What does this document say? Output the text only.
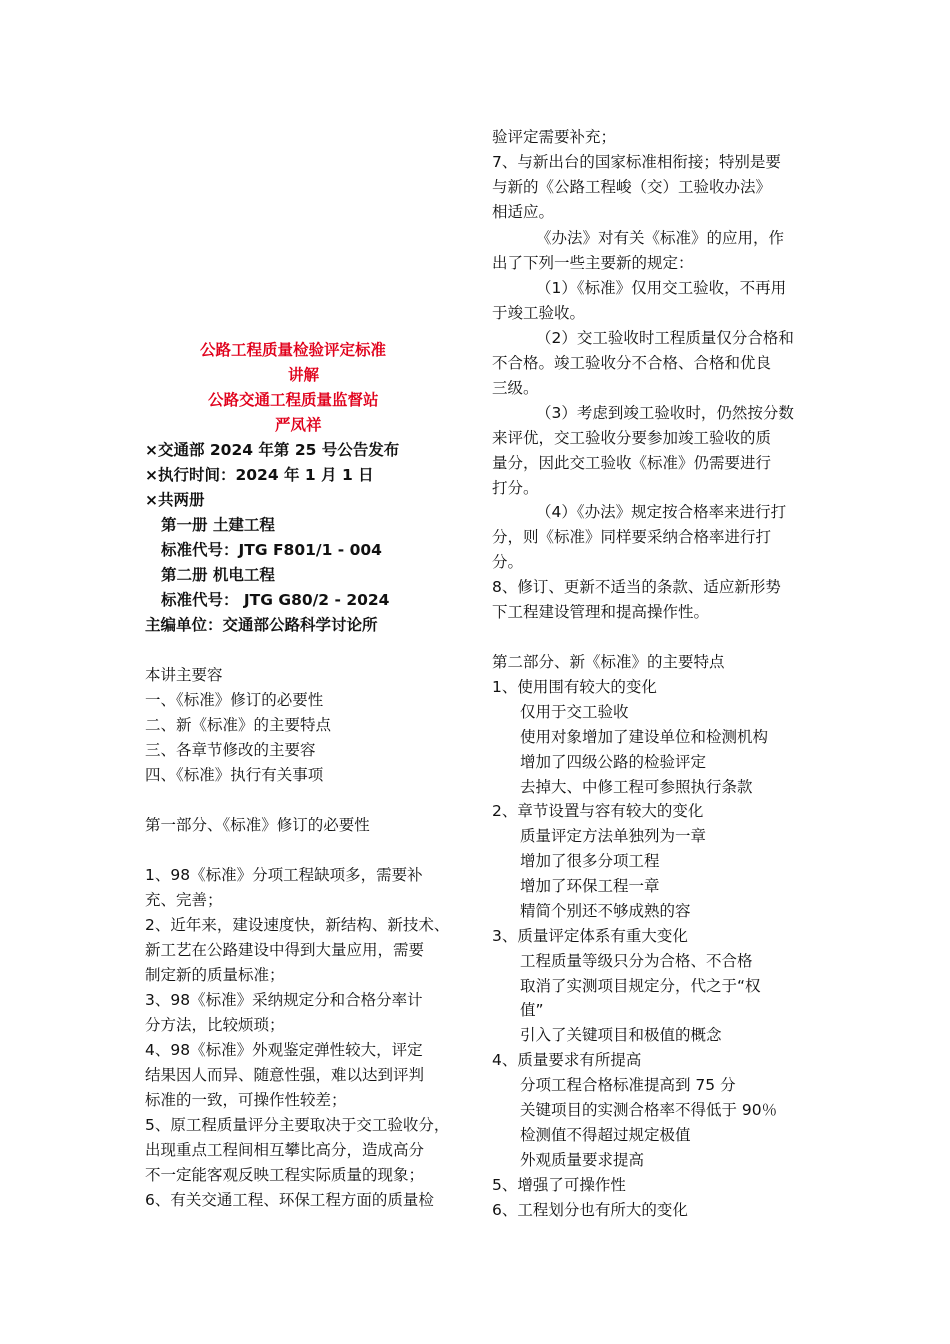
公路工程质量检验评定标准
讲解
公路交通工程质量监督站
严凤祥
×交通部 2024 年第 25 号公告发布
×执行时间：2024 年 1 月 1 日
×共两册
第一册 土建工程
标准代号：JTG F801/1 - 004
第二册 机电工程
标准代号： JTG G80/2 - 2024
主编单位：交通部公路科学讨论所
本讲主要容
一、《标准》修订的必要性
二、新《标准》的主要特点
三、各章节修改的主要容
四、《标准》执行有关事项
第一部分、《标准》修订的必要性
1、98《标准》分项工程缺项多，需要补
充、完善；
2、近年来，建设速度快，新结构、新技术、
新工艺在公路建设中得到大量应用，需要
制定新的质量标准；
3、98《标准》采纳规定分和合格分率计
分方法，比较烦琐；
4、98《标准》外观鉴定弹性较大，评定
结果因人而异、随意性强，难以达到评判
标准的一致，可操作性较差；
5、原工程质量评分主要取决于交工验收分，
出现重点工程间相互攀比高分，造成高分
不一定能客观反映工程实际质量的现象；
6、有关交通工程、环保工程方面的质量检
验评定需要补充；
7、与新出台的国家标准相衔接；特别是要
与新的《公路工程峻（交）工验收办法》
相适应。
《办法》对有关《标准》的应用，作
出了下列一些主要新的规定：
（1）《标准》仅用交工验收，不再用
于竣工验收。
（2）交工验收时工程质量仅分合格和
不合格。竣工验收分不合格、合格和优良
三级。
（3）考虑到竣工验收时，仍然按分数
来评优，交工验收分要参加竣工验收的质
量分，因此交工验收《标准》仍需要进行
打分。
（4）《办法》规定按合格率来进行打
分，则《标准》同样要采纳合格率进行打
分。
8、修订、更新不适当的条款、适应新形势
下工程建设管理和提高操作性。
第二部分、新《标准》的主要特点
1、使用围有较大的变化
仅用于交工验收
使用对象增加了建设单位和检测机构
增加了四级公路的检验评定
去掉大、中修工程可参照执行条款
2、章节设置与容有较大的变化
质量评定方法单独列为一章
增加了很多分项工程
增加了环保工程一章
精简个别还不够成熟的容
3、质量评定体系有重大变化
工程质量等级只分为合格、不合格
取消了实测项目规定分，代之于“权
值”
引入了关键项目和极值的概念
4、质量要求有所提高
分项工程合格标准提高到 75 分
关键项目的实测合格率不得低于 90％
检测值不得超过规定极值
外观质量要求提高
5、增强了可操作性
6、工程划分也有所大的变化
